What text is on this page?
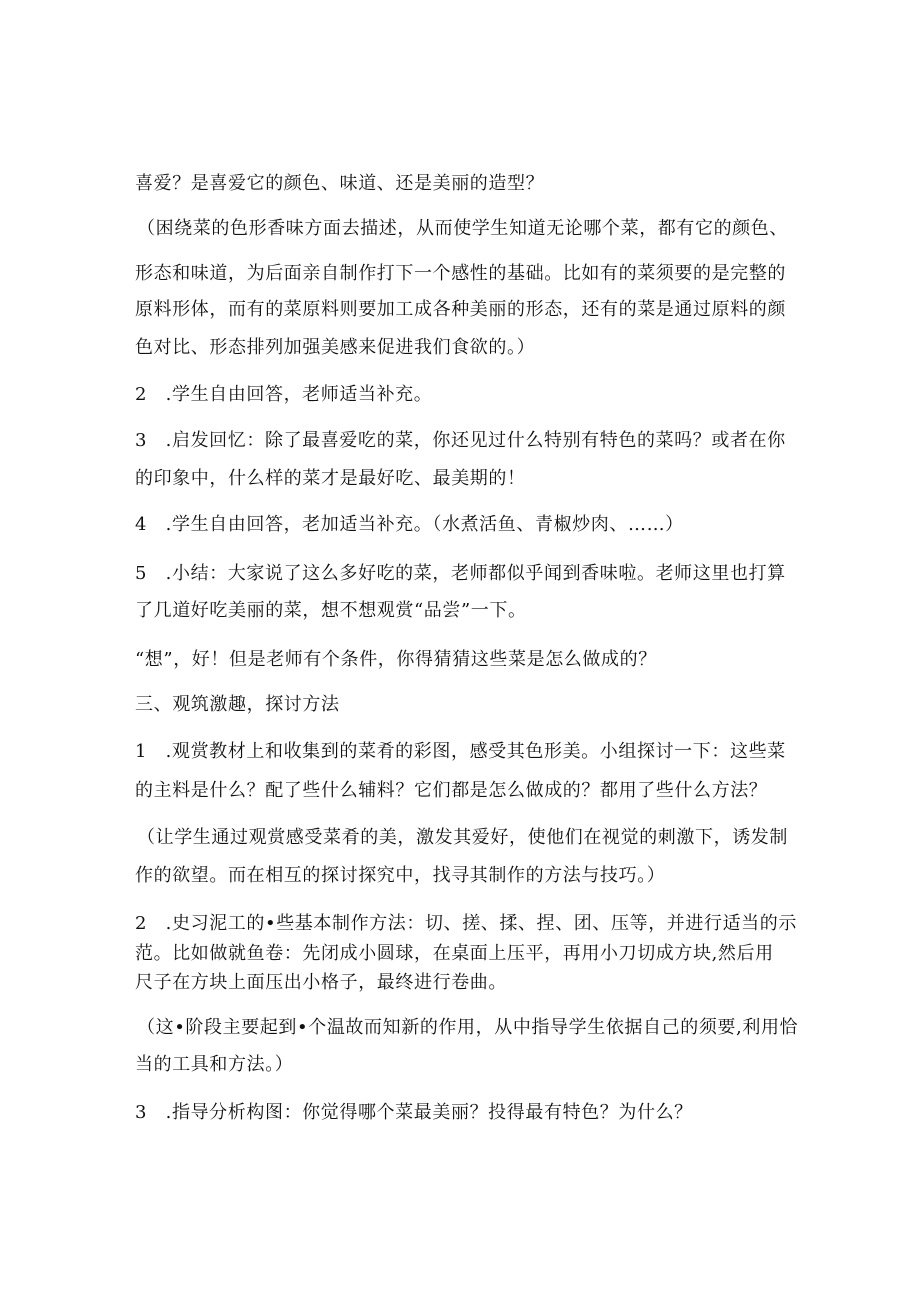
喜爱？是喜爱它的颜色、味道、还是美丽的造型？
（困绕菜的色形香味方面去描述，从而使学生知道无论哪个菜，都有它的颜色、
形态和味道，为后面亲自制作打下一个感性的基础。比如有的菜须要的是完整的
原料形体，而有的菜原料则要加工成各种美丽的形态，还有的菜是通过原料的颜
色对比、形态排列加强美感来促进我们食欲的。）
2　.学生自由回答，老师适当补充。
3　.启发回忆：除了最喜爱吃的菜，你还见过什么特别有特色的菜吗？或者在你
的印象中，什么样的菜才是最好吃、最美期的！
4　.学生自由回答，老加适当补充。（水煮活鱼、青椒炒肉、……）
5　.小结：大家说了这么多好吃的菜，老师都似乎闻到香味啦。老师这里也打算
了几道好吃美丽的菜，想不想观赏“品尝”一下。
“想”，好！但是老师有个条件，你得猜猜这些菜是怎么做成的？
三、观筑激趣，探讨方法
1　.观赏教材上和收集到的菜肴的彩图，感受其色形美。小组探讨一下：这些菜
的主料是什么？配了些什么辅料？它们都是怎么做成的？都用了些什么方法？
（让学生通过观赏感受菜肴的美，激发其爱好，使他们在视觉的刺激下，诱发制
作的欲望。而在相互的探讨探究中，找寻其制作的方法与技巧。）
2　.史习泥工的•些基本制作方法：切、搓、揉、捏、团、压等，并进行适当的示
范。比如做就鱼卷：先闭成小圆球，在桌面上压平，再用小刀切成方块,然后用
尺子在方块上面压出小格子，最终进行卷曲。
（这•阶段主要起到•个温故而知新的作用，从中指导学生依据自己的须要,利用恰
当的工具和方法。）
3　.指导分析构图：你觉得哪个菜最美丽？投得最有特色？为什么？
